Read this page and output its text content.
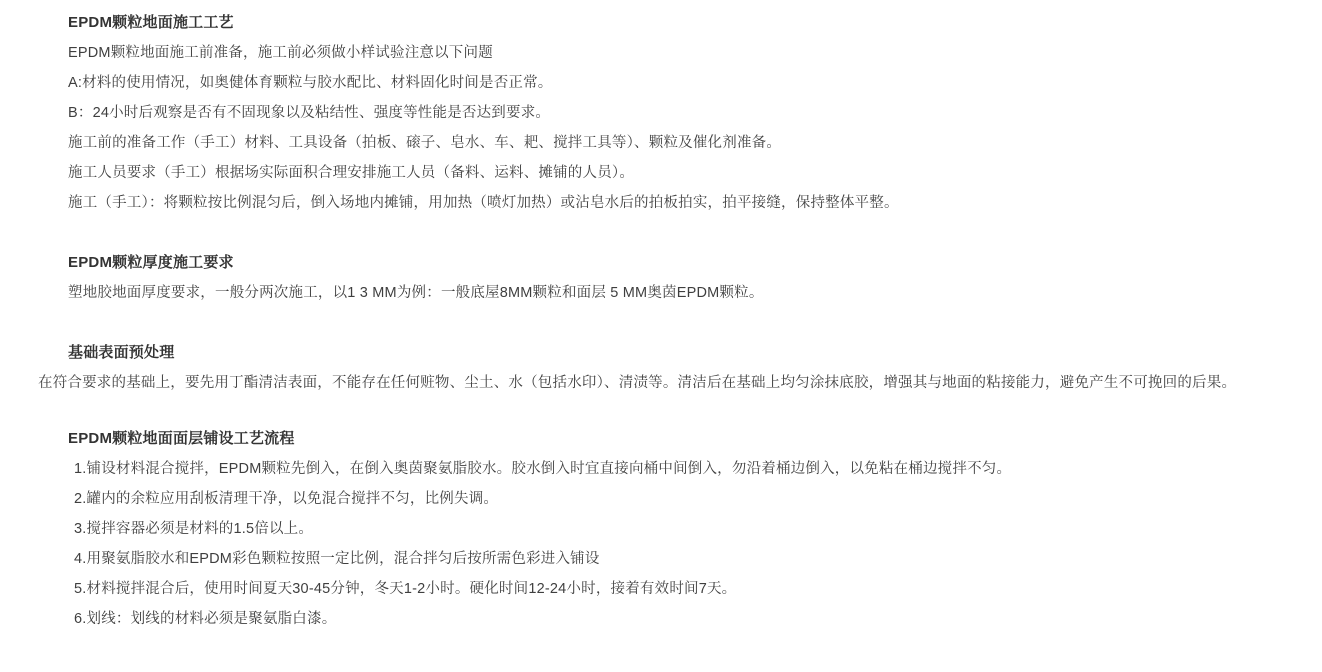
EPDM颗粒地面施工工艺
EPDM颗粒地面施工前准备，施工前必须做小样试验注意以下问题
A:材料的使用情况，如奥健体育颗粒与胶水配比、材料固化时间是否正常。
B：24小时后观察是否有不固现象以及粘结性、强度等性能是否达到要求。
施工前的准备工作（手工）材料、工具设备（拍板、磙子、皂水、车、耙、搅拌工具等）、颗粒及催化剂准备。
施工人员要求（手工）根据场实际面积合理安排施工人员（备料、运料、摊铺的人员）。
施工（手工）：将颗粒按比例混匀后，倒入场地内摊铺，用加热（喷灯加热）或沾皂水后的拍板拍实，拍平接缝，保持整体平整。
EPDM颗粒厚度施工要求
塑地胶地面厚度要求，一般分两次施工，以1 3 MM为例：一般底屋8MM颗粒和面层 5 MM奥茵EPDM颗粒。
基础表面预处理
在符合要求的基础上，要先用丁酯清洁表面，不能存在任何赃物、尘土、水（包括水印）、清渍等。清洁后在基础上均匀涂抹底胶，增强其与地面的粘接能力，避免产生不可挽回的后果。
EPDM颗粒地面面层铺设工艺流程
1.铺设材料混合搅拌，EPDM颗粒先倒入，在倒入奥茵聚氨脂胶水。胶水倒入时宜直接向桶中间倒入，勿沿着桶边倒入，以免粘在桶边搅拌不匀。
2.罐内的余粒应用刮板清理干净，以免混合搅拌不匀，比例失调。
3.搅拌容器必须是材料的1.5倍以上。
4.用聚氨脂胶水和EPDM彩色颗粒按照一定比例，混合拌匀后按所需色彩进入铺设
5.材料搅拌混合后，使用时间夏天30-45分钟，冬天1-2小时。硬化时间12-24小时，接着有效时间7天。
6.划线：划线的材料必须是聚氨脂白漆。
